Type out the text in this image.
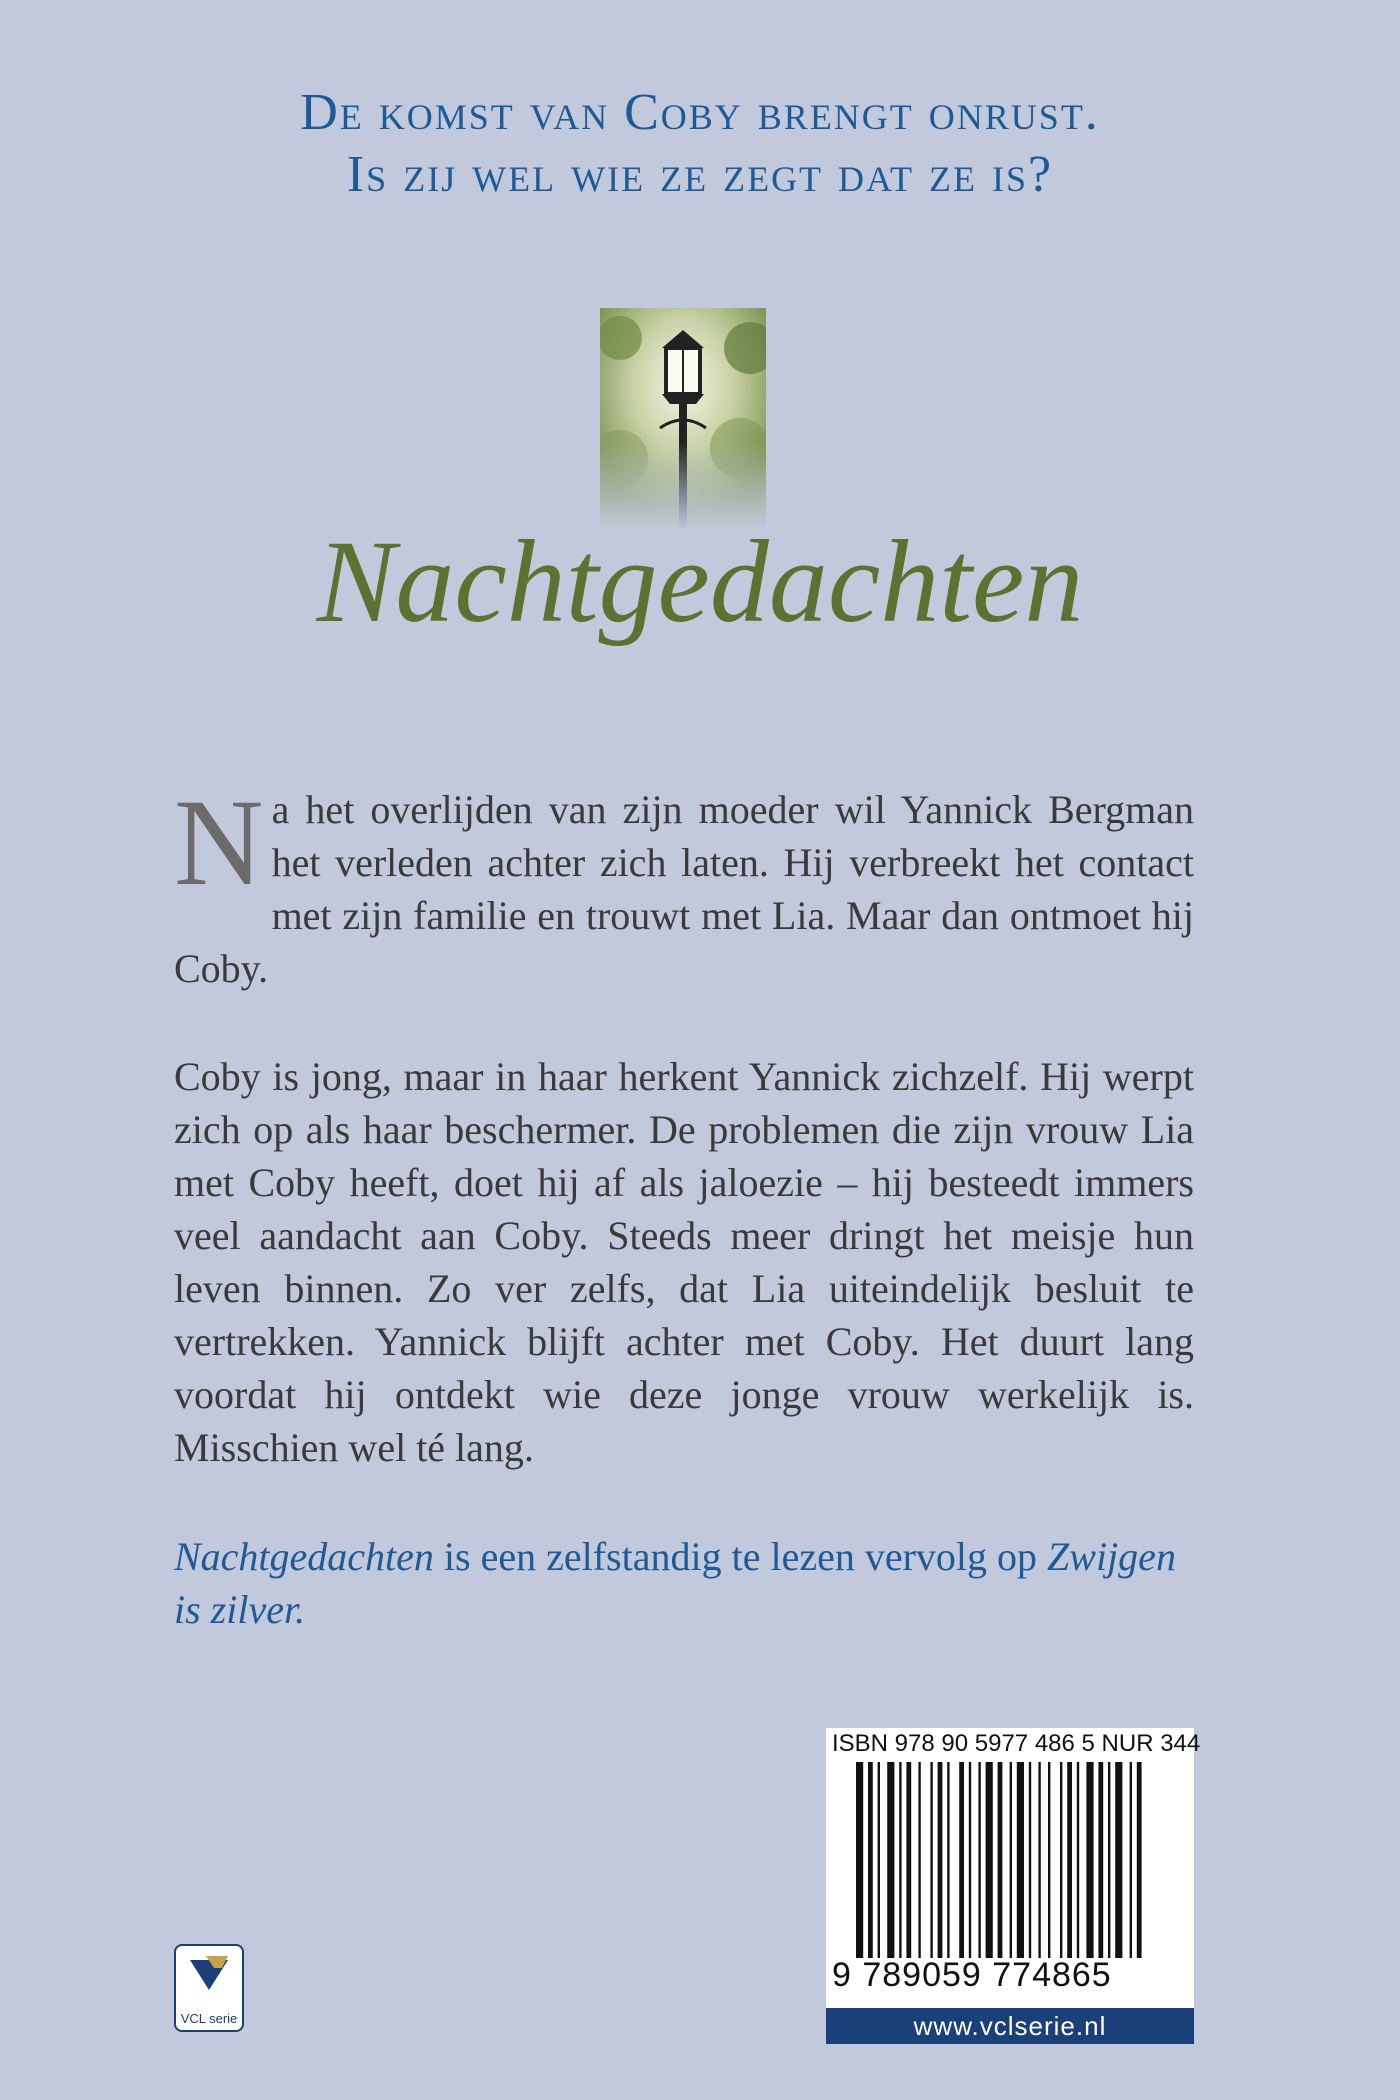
De komst van Coby brengt onrust.
Is zij wel wie ze zegt dat ze is?
Nachtgedachten
Na het overlijden van zijn moeder wil Yannick Bergman het verleden achter zich laten. Hij verbreekt het contact met zijn familie en trouwt met Lia. Maar dan ontmoet hij Coby.
Coby is jong, maar in haar herkent Yannick zichzelf. Hij werpt zich op als haar beschermer. De problemen die zijn vrouw Lia met Coby heeft, doet hij af als jaloezie – hij besteedt immers veel aandacht aan Coby. Steeds meer dringt het meisje hun leven binnen. Zo ver zelfs, dat Lia uiteindelijk besluit te vertrekken. Yannick blijft achter met Coby. Het duurt lang voordat hij ontdekt wie deze jonge vrouw werkelijk is. Misschien wel té lang.
Nachtgedachten is een zelfstandig te lezen vervolg op Zwijgen is zilver.
ISBN 978 90 5977 486 5 NUR 344
9 789059 774865
www.vclserie.nl
VCL serie
